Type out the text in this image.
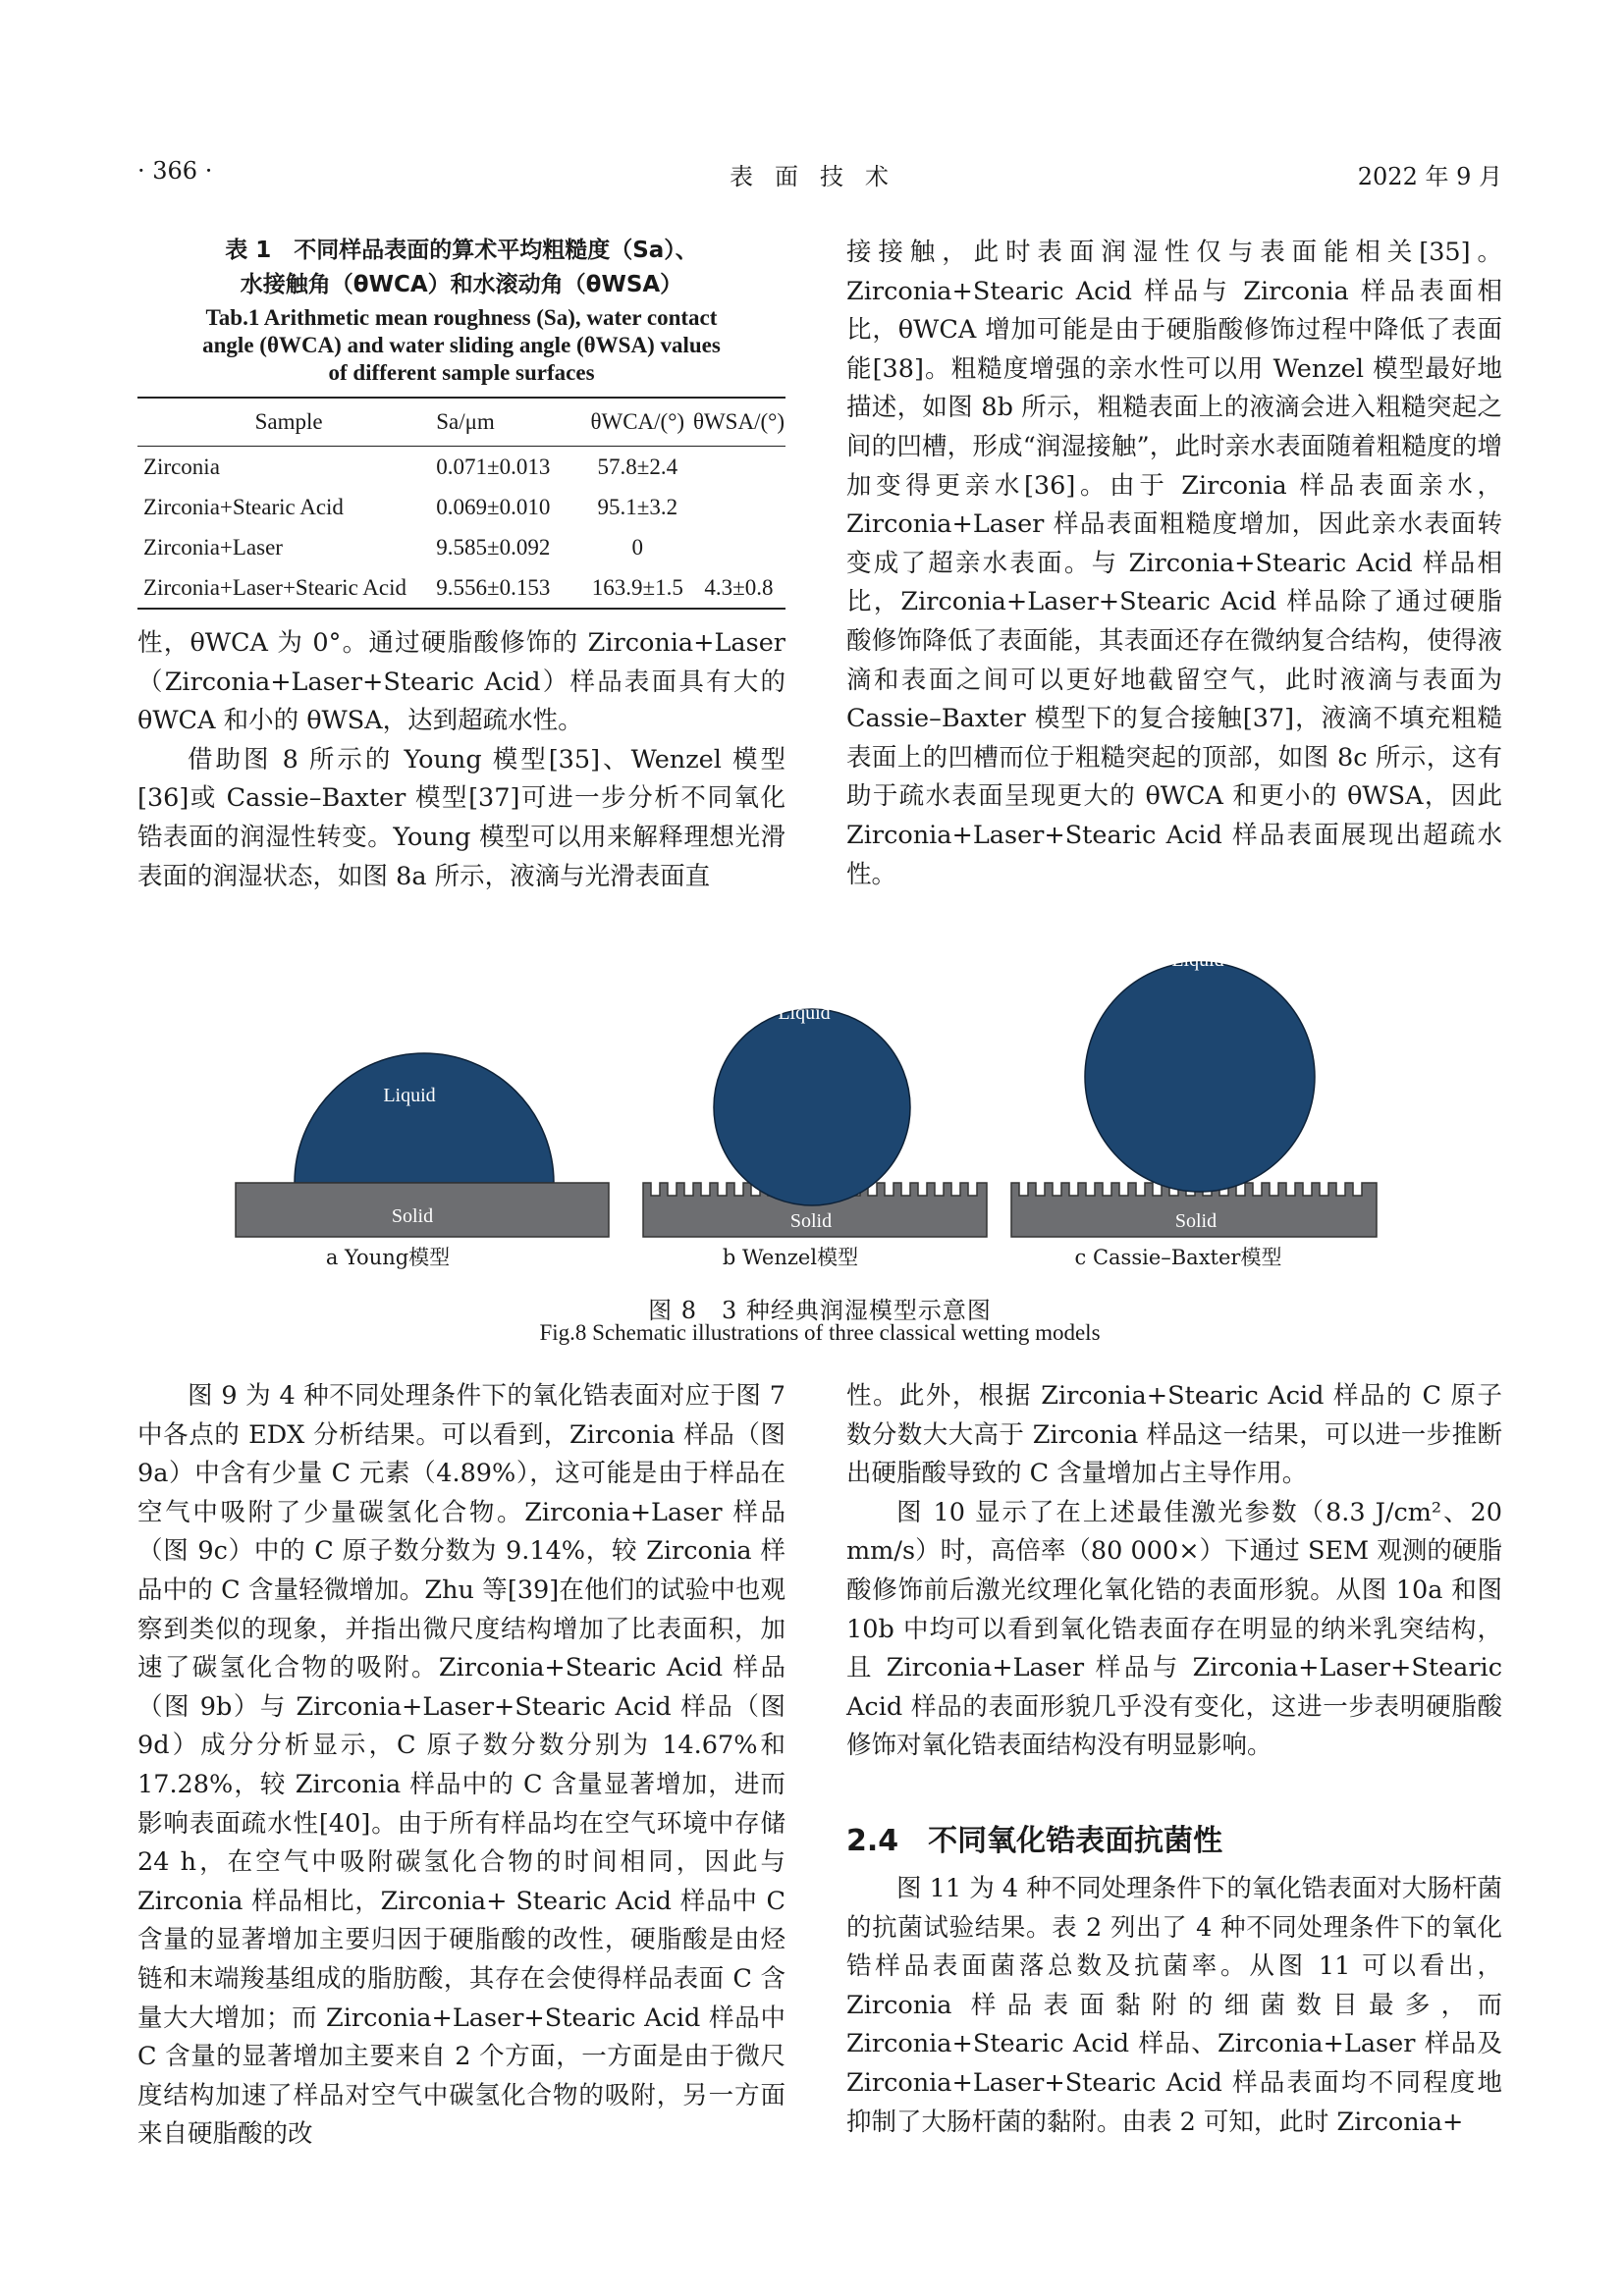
· 366 ·	表面技术	2022 年 9 月
表 1　不同样品表面的算术平均粗糙度（Sa）、
水接触角（θWCA）和水滚动角（θWSA）
Tab.1 Arithmetic mean roughness (Sa), water contact
angle (θWCA) and water sliding angle (θWSA) values
of different sample surfaces
Sample	Sa/μm	θWCA/(°)	θWSA/(°)
Zirconia	0.071±0.013	57.8±2.4	
Zirconia+Stearic Acid	0.069±0.010	95.1±3.2	
Zirconia+Laser	9.585±0.092	0	
Zirconia+Laser+Stearic Acid	9.556±0.153	163.9±1.5	4.3±0.8

性，θWCA 为 0°。通过硬脂酸修饰的 Zirconia+Laser（Zirconia+Laser+Stearic Acid）样品表面具有大的 θWCA 和小的 θWSA，达到超疏水性。

借助图 8 所示的 Young 模型[35]、Wenzel 模型[36]或 Cassie–Baxter 模型[37]可进一步分析不同氧化锆表面的润湿性转变。Young 模型可以用来解释理想光滑表面的润湿状态，如图 8a 所示，液滴与光滑表面直

接接触，此时表面润湿性仅与表面能相关[35]。Zirconia+Stearic Acid 样品与 Zirconia 样品表面相比，θWCA 增加可能是由于硬脂酸修饰过程中降低了表面能[38]。粗糙度增强的亲水性可以用 Wenzel 模型最好地描述，如图 8b 所示，粗糙表面上的液滴会进入粗糙突起之间的凹槽，形成“润湿接触”，此时亲水表面随着粗糙度的增加变得更亲水[36]。由于 Zirconia 样品表面亲水，Zirconia+Laser 样品表面粗糙度增加，因此亲水表面转变成了超亲水表面。与 Zirconia+Stearic Acid 样品相比，Zirconia+Laser+Stearic Acid 样品除了通过硬脂酸修饰降低了表面能，其表面还存在微纳复合结构，使得液滴和表面之间可以更好地截留空气，此时液滴与表面为 Cassie–Baxter 模型下的复合接触[37]，液滴不填充粗糙表面上的凹槽而位于粗糙突起的顶部，如图 8c 所示，这有助于疏水表面呈现更大的 θWCA 和更小的 θWSA，因此 Zirconia+Laser+Stearic Acid 样品表面展现出超疏水性。

Liquid
Solid
a Young模型
Liquid
Solid
b Wenzel模型
Liquid
Solid
c Cassie–Baxter模型
图 8　3 种经典润湿模型示意图
Fig.8 Schematic illustrations of three classical wetting models

图 9 为 4 种不同处理条件下的氧化锆表面对应于图 7 中各点的 EDX 分析结果。可以看到，Zirconia 样品（图 9a）中含有少量 C 元素（4.89%），这可能是由于样品在空气中吸附了少量碳氢化合物。Zirconia+Laser 样品（图 9c）中的 C 原子数分数为 9.14%，较 Zirconia 样品中的 C 含量轻微增加。Zhu 等[39]在他们的试验中也观察到类似的现象，并指出微尺度结构增加了比表面积，加速了碳氢化合物的吸附。Zirconia+Stearic Acid 样品（图 9b）与 Zirconia+Laser+Stearic Acid 样品（图 9d）成分分析显示，C 原子数分数分别为 14.67%和 17.28%，较 Zirconia 样品中的 C 含量显著增加，进而影响表面疏水性[40]。由于所有样品均在空气环境中存储 24 h，在空气中吸附碳氢化合物的时间相同，因此与 Zirconia 样品相比，Zirconia+ Stearic Acid 样品中 C 含量的显著增加主要归因于硬脂酸的改性，硬脂酸是由烃链和末端羧基组成的脂肪酸，其存在会使得样品表面 C 含量大大增加；而 Zirconia+Laser+Stearic Acid 样品中 C 含量的显著增加主要来自 2 个方面，一方面是由于微尺度结构加速了样品对空气中碳氢化合物的吸附，另一方面来自硬脂酸的改

性。此外，根据 Zirconia+Stearic Acid 样品的 C 原子数分数大大高于 Zirconia 样品这一结果，可以进一步推断出硬脂酸导致的 C 含量增加占主导作用。

图 10 显示了在上述最佳激光参数（8.3 J/cm²、20 mm/s）时，高倍率（80 000×）下通过 SEM 观测的硬脂酸修饰前后激光纹理化氧化锆的表面形貌。从图 10a 和图 10b 中均可以看到氧化锆表面存在明显的纳米乳突结构，且 Zirconia+Laser 样品与 Zirconia+Laser+Stearic Acid 样品的表面形貌几乎没有变化，这进一步表明硬脂酸修饰对氧化锆表面结构没有明显影响。

2.4　不同氧化锆表面抗菌性

图 11 为 4 种不同处理条件下的氧化锆表面对大肠杆菌的抗菌试验结果。表 2 列出了 4 种不同处理条件下的氧化锆样品表面菌落总数及抗菌率。从图 11 可以看出，Zirconia 样品表面黏附的细菌数目最多，而 Zirconia+Stearic Acid 样品、Zirconia+Laser 样品及 Zirconia+Laser+Stearic Acid 样品表面均不同程度地抑制了大肠杆菌的黏附。由表 2 可知，此时 Zirconia+
